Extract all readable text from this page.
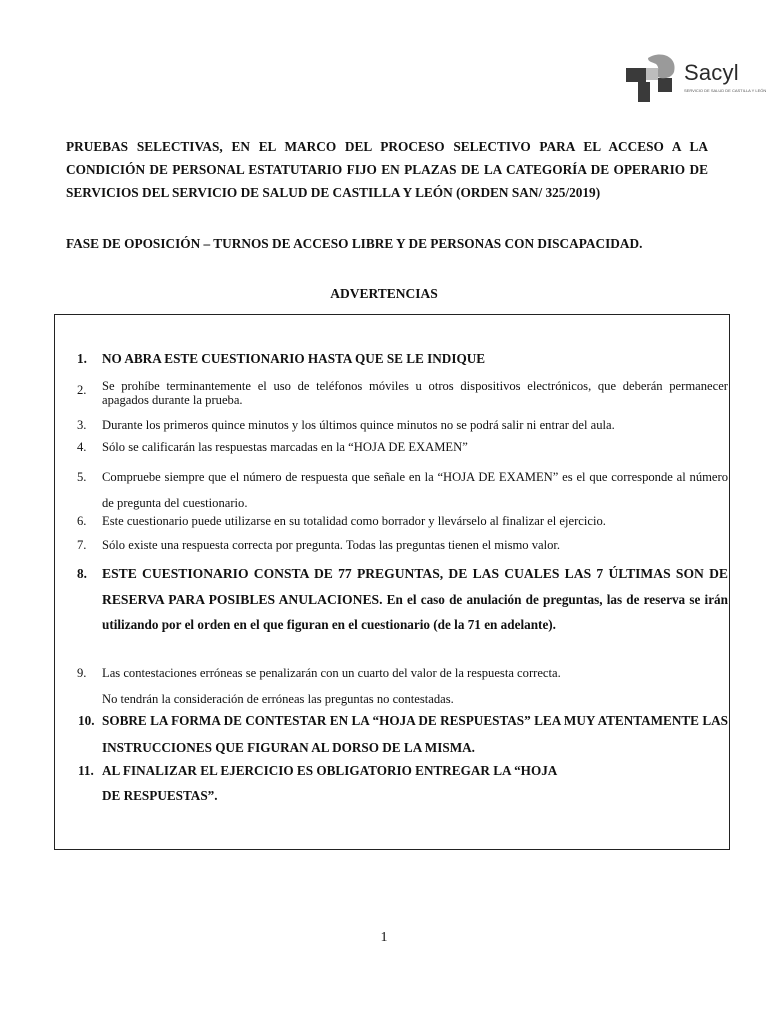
Sacyl
SERVICIO DE SALUD DE CASTILLA Y LEÓN

PRUEBAS SELECTIVAS, EN EL MARCO DEL PROCESO SELECTIVO PARA EL ACCESO A LA CONDICIÓN DE PERSONAL ESTATUTARIO FIJO EN PLAZAS DE LA CATEGORÍA DE OPERARIO DE SERVICIOS DEL SERVICIO DE SALUD DE CASTILLA Y LEÓN (ORDEN SAN/ 325/2019)

FASE DE OPOSICIÓN – TURNOS DE ACCESO LIBRE Y DE PERSONAS CON DISCAPACIDAD.
ADVERTENCIAS
1.	NO ABRA ESTE CUESTIONARIO HASTA QUE SE LE INDIQUE
2.	Se prohíbe terminantemente el uso de teléfonos móviles u otros dispositivos electrónicos, que deberán permanecer apagados durante la prueba.
3.	Durante los primeros quince minutos y los últimos quince minutos no se podrá salir ni entrar del aula.
4.	Sólo se calificarán las respuestas marcadas en la “HOJA DE EXAMEN”
5.	Compruebe siempre que el número de respuesta que señale en la “HOJA DE EXAMEN” es el que corresponde al número de pregunta del cuestionario.
6.	Este cuestionario puede utilizarse en su totalidad como borrador y llevárselo al finalizar el ejercicio.
7.	Sólo existe una respuesta correcta por pregunta. Todas las preguntas tienen el mismo valor.
8.	ESTE CUESTIONARIO CONSTA DE 77 PREGUNTAS, DE LAS CUALES LAS 7 ÚLTIMAS SON DE RESERVA PARA POSIBLES ANULACIONES. En el caso de anulación de preguntas, las de reserva se irán utilizando por el orden en el que figuran en el cuestionario (de la 71 en adelante).
9.	Las contestaciones erróneas se penalizarán con un cuarto del valor de la respuesta correcta.
No tendrán la consideración de erróneas las preguntas no contestadas.
10. SOBRE LA FORMA DE CONTESTAR EN LA “HOJA DE RESPUESTAS” LEA MUY ATENTAMENTE LAS INSTRUCCIONES QUE FIGURAN AL DORSO DE LA MISMA.
11. AL FINALIZAR EL EJERCICIO ES OBLIGATORIO ENTREGAR LA “HOJA
DE RESPUESTAS”.
1
